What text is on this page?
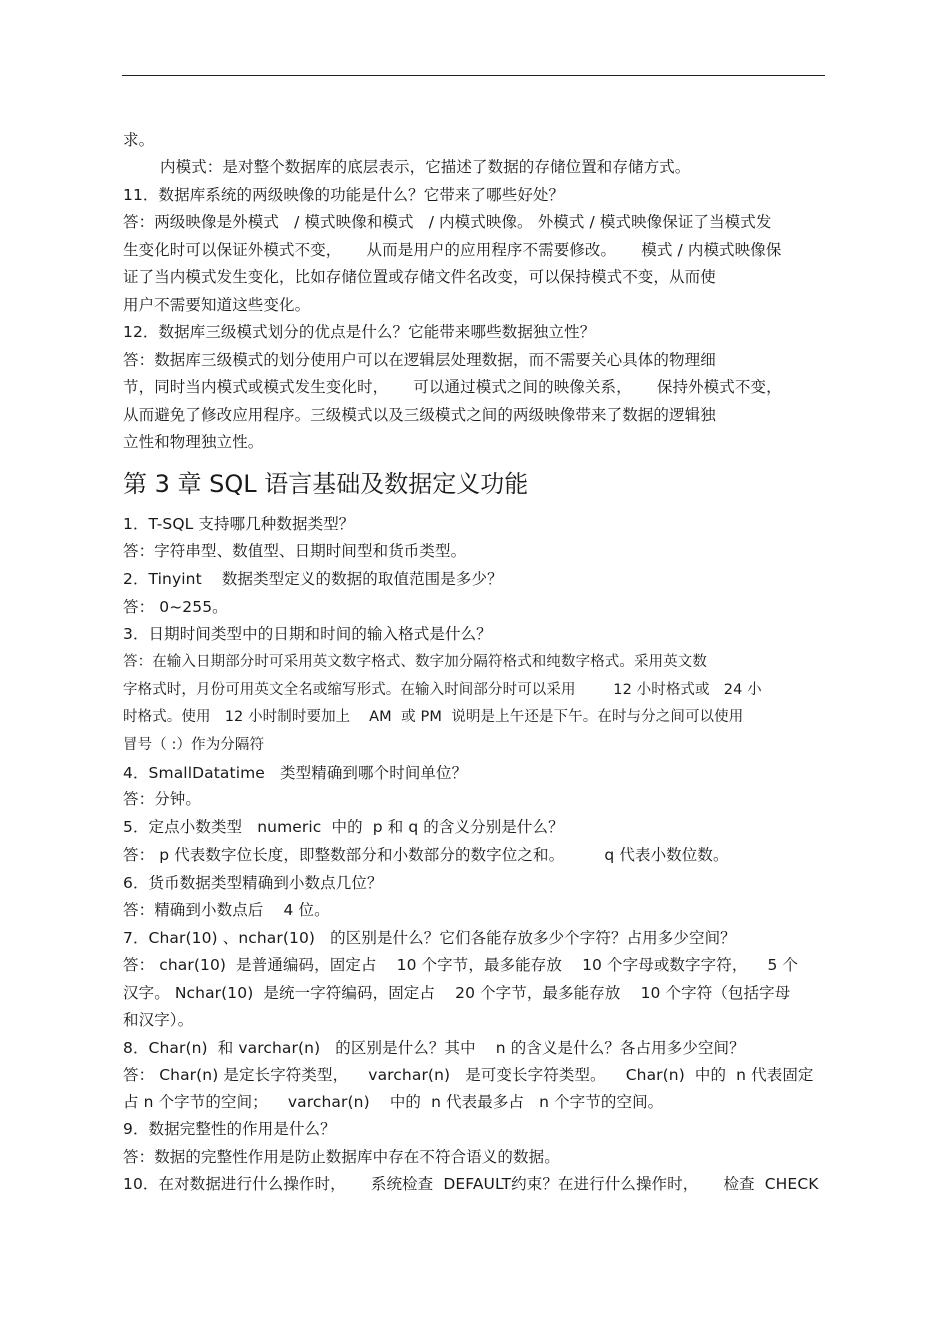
求。

内模式：是对整个数据库的底层表示，它描述了数据的存储位置和存储方式。

11．数据库系统的两级映像的功能是什么？它带来了哪些好处？

答：两级映像是外模式   / 模式映像和模式   / 内模式映像。 外模式 / 模式映像保证了当模式发

生变化时可以保证外模式不变，     从而是用户的应用程序不需要修改。     模式 / 内模式映像保

证了当内模式发生变化，比如存储位置或存储文件名改变，可以保持模式不变，从而使

用户不需要知道这些变化。

12．数据库三级模式划分的优点是什么？它能带来哪些数据独立性？

答：数据库三级模式的划分使用户可以在逻辑层处理数据，而不需要关心具体的物理细

节，同时当内模式或模式发生变化时，     可以通过模式之间的映像关系，     保持外模式不变，

从而避免了修改应用程序。三级模式以及三级模式之间的两级映像带来了数据的逻辑独

立性和物理独立性。

第 3 章 SQL 语言基础及数据定义功能

1．T-SQL 支持哪几种数据类型？

答：字符串型、数值型、日期时间型和货币类型。

2．Tinyint    数据类型定义的数据的取值范围是多少？

答： 0~255。

3．日期时间类型中的日期和时间的输入格式是什么？

答：在输入日期部分时可采用英文数字格式、数字加分隔符格式和纯数字格式。采用英文数

字格式时，月份可用英文全名或缩写形式。在输入时间部分时可以采用        12 小时格式或   24 小

时格式。使用   12 小时制时要加上    AM  或 PM  说明是上午还是下午。在时与分之间可以使用

冒号（ :）作为分隔符

4．SmallDatatime   类型精确到哪个时间单位？

答：分钟。

5．定点小数类型   numeric  中的  p 和 q 的含义分别是什么？

答： p 代表数字位长度，即整数部分和小数部分的数字位之和。        q 代表小数位数。

6．货币数据类型精确到小数点几位？

答：精确到小数点后    4 位。

7．Char(10) 、nchar(10)   的区别是什么？它们各能存放多少个字符？占用多少空间？

答： char(10)  是普通编码，固定占    10 个字节，最多能存放    10 个字母或数字字符，    5 个

汉字。 Nchar(10)  是统一字符编码，固定占    20 个字节，最多能存放    10 个字符（包括字母

和汉字）。

8．Char(n)  和 varchar(n)   的区别是什么？其中    n 的含义是什么？各占用多少空间？

答： Char(n) 是定长字符类型，    varchar(n)   是可变长字符类型。    Char(n)  中的  n 代表固定

占 n 个字节的空间；    varchar(n)    中的  n 代表最多占   n 个字节的空间。

9．数据完整性的作用是什么？

答：数据的完整性作用是防止数据库中存在不符合语义的数据。

10．在对数据进行什么操作时，     系统检查  DEFAULT约束？在进行什么操作时，     检查  CHECK
